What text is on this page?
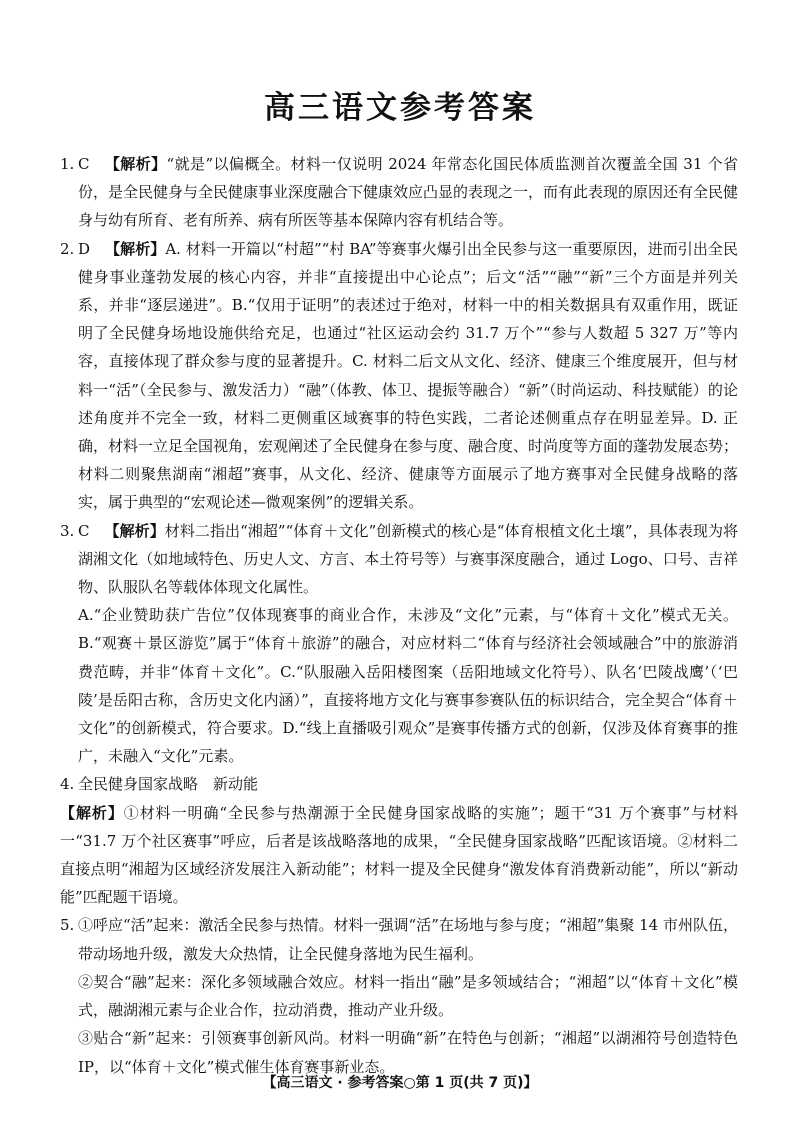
高三语文参考答案
1. C  【解析】“就是”以偏概全。材料一仅说明 2024 年常态化国民体质监测首次覆盖全国 31 个省份，是全民健身与全民健康事业深度融合下健康效应凸显的表现之一，而有此表现的原因还有全民健身与幼有所育、老有所养、病有所医等基本保障内容有机结合等。

2. D  【解析】A. 材料一开篇以“村超”“村 BA”等赛事火爆引出全民参与这一重要原因，进而引出全民健身事业蓬勃发展的核心内容，并非“直接提出中心论点”；后文“活”“融”“新”三个方面是并列关系，并非“逐层递进”。B.“仅用于证明”的表述过于绝对，材料一中的相关数据具有双重作用，既证明了全民健身场地设施供给充足，也通过“社区运动会约 31.7 万个”“参与人数超 5 327 万”等内容，直接体现了群众参与度的显著提升。C. 材料二后文从文化、经济、健康三个维度展开，但与材料一“活”（全民参与、激发活力）“融”（体教、体卫、提振等融合）“新”（时尚运动、科技赋能）的论述角度并不完全一致，材料二更侧重区域赛事的特色实践，二者论述侧重点存在明显差异。D. 正确，材料一立足全国视角，宏观阐述了全民健身在参与度、融合度、时尚度等方面的蓬勃发展态势；材料二则聚焦湖南“湘超”赛事，从文化、经济、健康等方面展示了地方赛事对全民健身战略的落实，属于典型的“宏观论述—微观案例”的逻辑关系。

3. C  【解析】材料二指出“湘超”“体育＋文化”创新模式的核心是“体育根植文化土壤”，具体表现为将湖湘文化（如地域特色、历史人文、方言、本土符号等）与赛事深度融合，通过 Logo、口号、吉祥物、队服队名等载体体现文化属性。

A.“企业赞助获广告位”仅体现赛事的商业合作，未涉及“文化”元素，与“体育＋文化”模式无关。B.“观赛＋景区游览”属于“体育＋旅游”的融合，对应材料二“体育与经济社会领域融合”中的旅游消费范畴，并非“体育＋文化”。C.“队服融入岳阳楼图案（岳阳地域文化符号）、队名‘巴陵战鹰’（‘巴陵’是岳阳古称，含历史文化内涵）”，直接将地方文化与赛事参赛队伍的标识结合，完全契合“体育＋文化”的创新模式，符合要求。D.“线上直播吸引观众”是赛事传播方式的创新，仅涉及体育赛事的推广，未融入“文化”元素。

4. 全民健身国家战略　新动能

【解析】①材料一明确“全民参与热潮源于全民健身国家战略的实施”；题干“31 万个赛事”与材料一“31.7 万个社区赛事”呼应，后者是该战略落地的成果，“全民健身国家战略”匹配该语境。②材料二直接点明“湘超为区域经济发展注入新动能”；材料一提及全民健身“激发体育消费新动能”，所以“新动能”匹配题干语境。

5. ①呼应“活”起来：激活全民参与热情。材料一强调“活”在场地与参与度；“湘超”集聚 14 市州队伍，带动场地升级，激发大众热情，让全民健身落地为民生福利。

②契合“融”起来：深化多领域融合效应。材料一指出“融”是多领域结合；“湘超”以“体育＋文化”模式，融湖湘元素与企业合作，拉动消费，推动产业升级。

③贴合“新”起来：引领赛事创新风尚。材料一明确“新”在特色与创新；“湘超”以湖湘符号创造特色 IP，以“体育＋文化”模式催生体育赛事新业态。

【高三语文 · 参考答案○第 1 页(共 7 页)】
